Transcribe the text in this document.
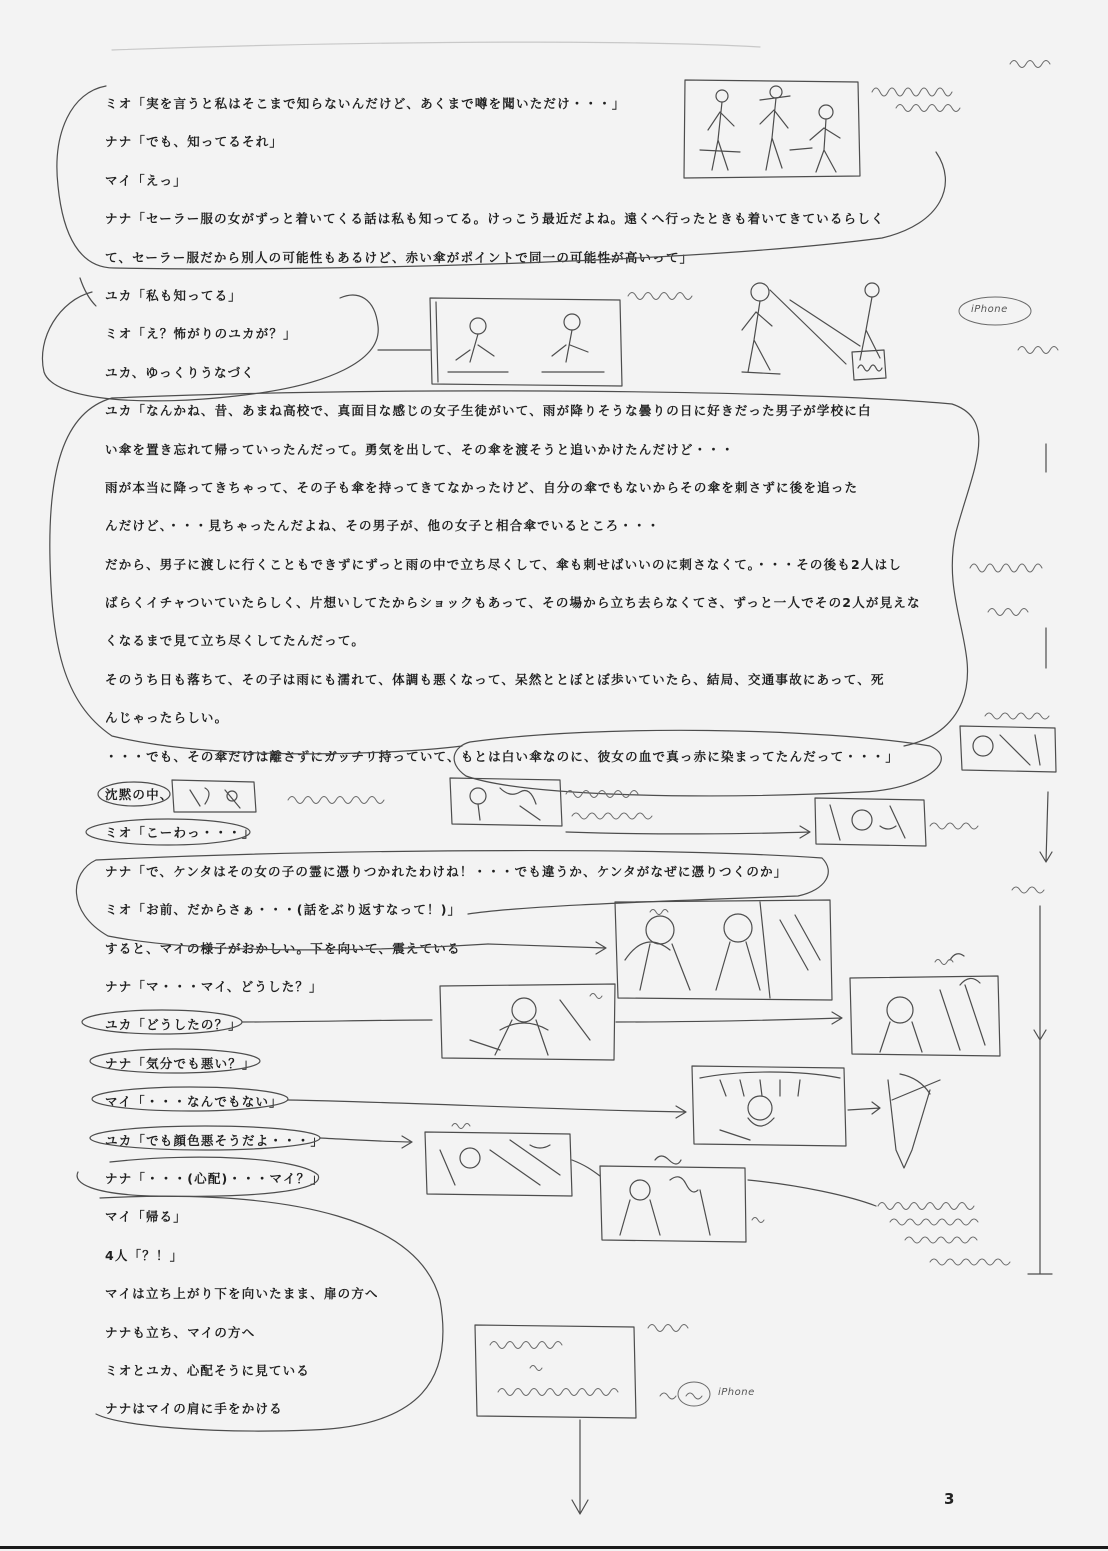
ミオ「実を言うと私はそこまで知らないんだけど、あくまで噂を聞いただけ・・・」
ナナ「でも、知ってるそれ」
マイ「えっ」
ナナ「セーラー服の女がずっと着いてくる話は私も知ってる。けっこう最近だよね。遠くへ行ったときも着いてきているらしく
て、セーラー服だから別人の可能性もあるけど、赤い傘がポイントで同一の可能性が高いって」
ユカ「私も知ってる」
ミオ「え？怖がりのユカが？」
ユカ、ゆっくりうなづく
ユカ「なんかね、昔、あまね高校で、真面目な感じの女子生徒がいて、雨が降りそうな曇りの日に好きだった男子が学校に白
い傘を置き忘れて帰っていったんだって。勇気を出して、その傘を渡そうと追いかけたんだけど・・・
雨が本当に降ってきちゃって、その子も傘を持ってきてなかったけど、自分の傘でもないからその傘を刺さずに後を追った
んだけど、・・・見ちゃったんだよね、その男子が、他の女子と相合傘でいるところ・・・
だから、男子に渡しに行くこともできずにずっと雨の中で立ち尽くして、傘も刺せばいいのに刺さなくて。・・・その後も2人はし
ばらくイチャついていたらしく、片想いしてたからショックもあって、その場から立ち去らなくてさ、ずっと一人でその2人が見えな
くなるまで見て立ち尽くしてたんだって。
そのうち日も落ちて、その子は雨にも濡れて、体調も悪くなって、呆然ととぼとぼ歩いていたら、結局、交通事故にあって、死
んじゃったらしい。
・・・でも、その傘だけは離さずにガッチリ持っていて、もとは白い傘なのに、彼女の血で真っ赤に染まってたんだって・・・」
沈黙の中、
ミオ「こーわっ・・・」
ナナ「で、ケンタはその女の子の霊に憑りつかれたわけね！・・・でも違うか、ケンタがなぜに憑りつくのか」
ミオ「お前、だからさぁ・・・(話をぶり返すなって！)」
すると、マイの様子がおかしい。下を向いて、震えている
ナナ「マ・・・マイ、どうした？」
ユカ「どうしたの？」
ナナ「気分でも悪い？」
マイ「・・・なんでもない」
ユカ「でも顔色悪そうだよ・・・」
ナナ「・・・(心配)・・・マイ？」
マイ「帰る」
4人「？！」
マイは立ち上がり下を向いたまま、扉の方へ
ナナも立ち、マイの方へ
ミオとユカ、心配そうに見ている
ナナはマイの肩に手をかける
iPhone
iPhone
3
